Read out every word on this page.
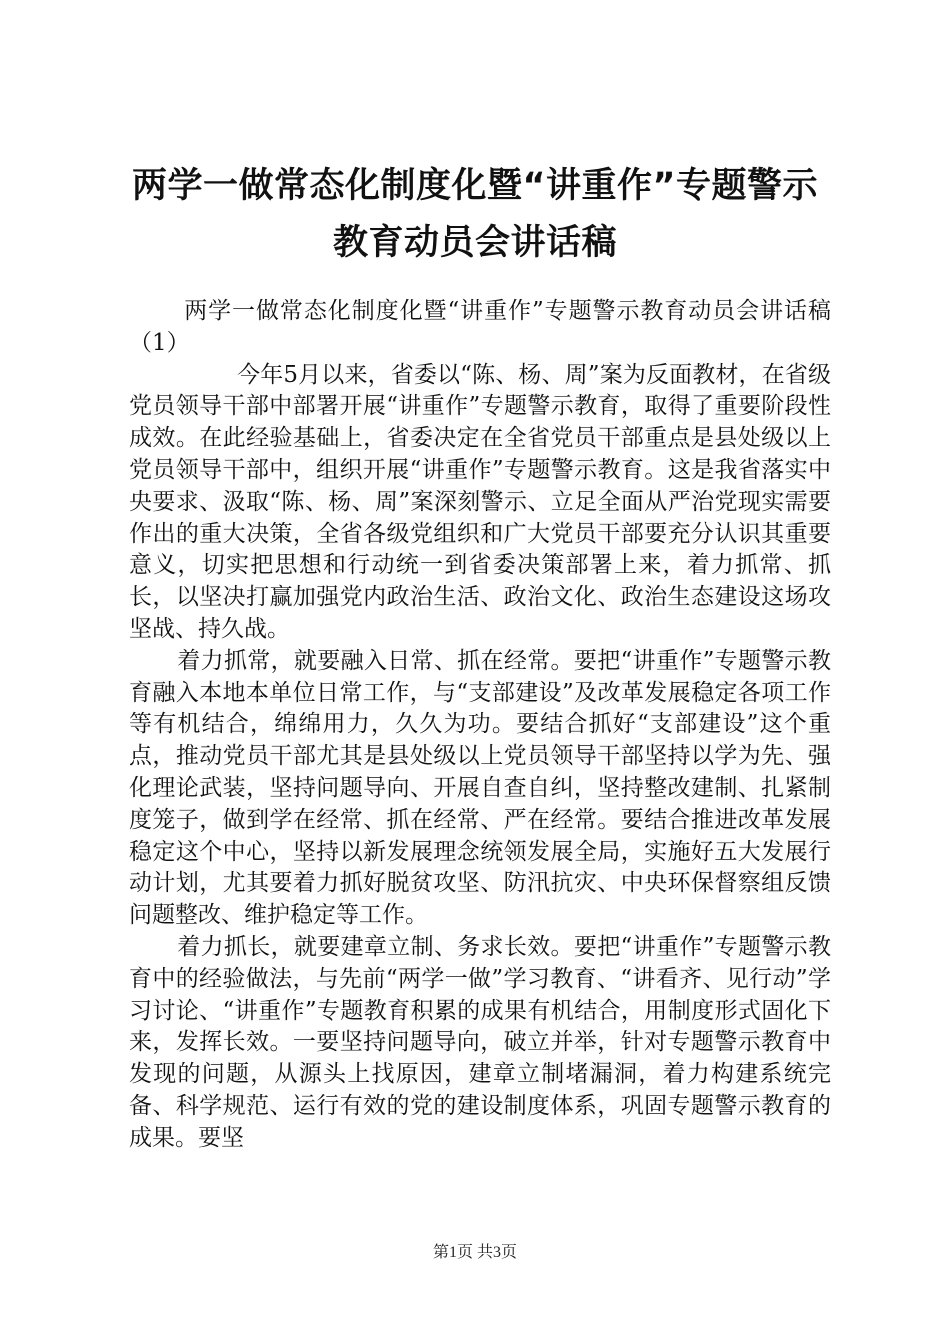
两学一做常态化制度化暨“讲重作”专题警示
教育动员会讲话稿

两学一做常态化制度化暨“讲重作”专题警示教育动员会讲话稿（1）

今年5月以来，省委以“陈、杨、周”案为反面教材，在省级党员领导干部中部署开展“讲重作”专题警示教育，取得了重要阶段性成效。在此经验基础上，省委决定在全省党员干部重点是县处级以上党员领导干部中，组织开展“讲重作”专题警示教育。这是我省落实中央要求、汲取“陈、杨、周”案深刻警示、立足全面从严治党现实需要作出的重大决策，全省各级党组织和广大党员干部要充分认识其重要意义，切实把思想和行动统一到省委决策部署上来，着力抓常、抓长，以坚决打赢加强党内政治生活、政治文化、政治生态建设这场攻坚战、持久战。

着力抓常，就要融入日常、抓在经常。要把“讲重作”专题警示教育融入本地本单位日常工作，与“支部建设”及改革发展稳定各项工作等有机结合，绵绵用力，久久为功。要结合抓好“支部建设”这个重点，推动党员干部尤其是县处级以上党员领导干部坚持以学为先、强化理论武装，坚持问题导向、开展自查自纠，坚持整改建制、扎紧制度笼子，做到学在经常、抓在经常、严在经常。要结合推进改革发展稳定这个中心，坚持以新发展理念统领发展全局，实施好五大发展行动计划，尤其要着力抓好脱贫攻坚、防汛抗灾、中央环保督察组反馈问题整改、维护稳定等工作。

着力抓长，就要建章立制、务求长效。要把“讲重作”专题警示教育中的经验做法，与先前“两学一做”学习教育、“讲看齐、见行动”学习讨论、“讲重作”专题教育积累的成果有机结合，用制度形式固化下来，发挥长效。一要坚持问题导向，破立并举，针对专题警示教育中发现的问题，从源头上找原因，建章立制堵漏洞，着力构建系统完备、科学规范、运行有效的党的建设制度体系，巩固专题警示教育的成果。要坚

第1页 共3页
